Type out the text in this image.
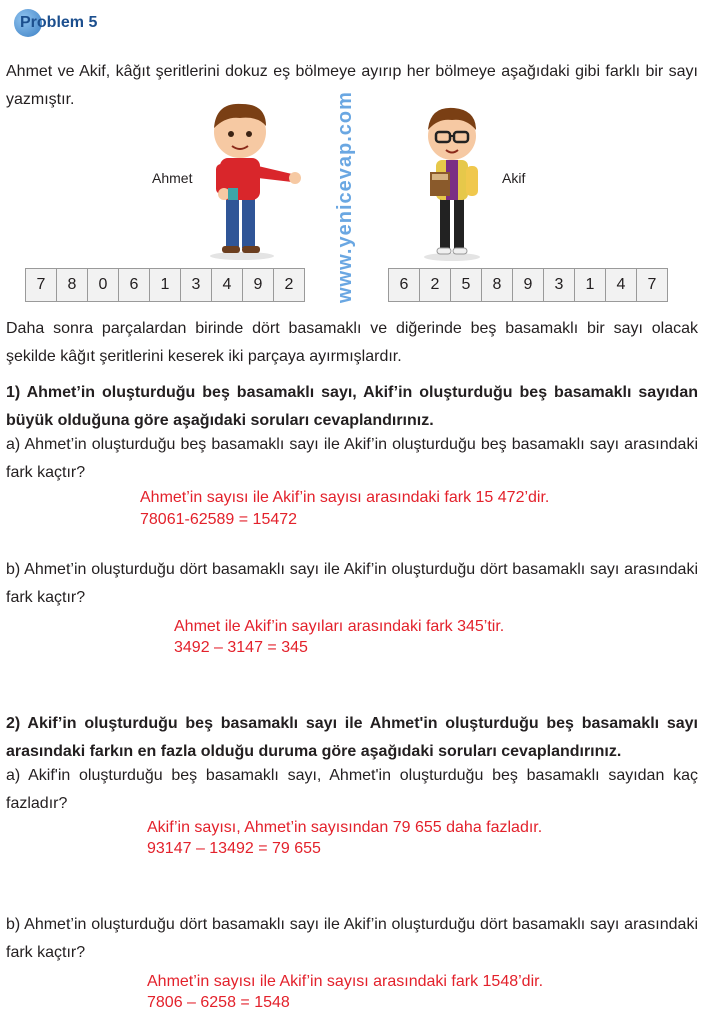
Problem 5
Ahmet ve Akif, kâğıt şeritlerini dokuz eş bölmeye ayırıp her bölmeye aşağıdaki gibi farklı bir sayı yazmıştır.
Ahmet	www.yenicevap.com	Akif
7	8	0	6	1	3	4	9	2	6	2	5	8	9	3	1	4	7
Daha sonra parçalardan birinde dört basamaklı ve diğerinde beş basamaklı bir sayı olacak şekilde kâğıt şeritlerini keserek iki parçaya ayırmışlardır.
1) Ahmet’in oluşturduğu beş basamaklı sayı, Akif’in oluşturduğu beş basamaklı sayıdan büyük olduğuna göre aşağıdaki soruları cevaplandırınız.
a) Ahmet’in oluşturduğu beş basamaklı sayı ile Akif’in oluşturduğu beş basamaklı sayı arasındaki fark kaçtır?
Ahmet’in sayısı ile Akif’in sayısı arasındaki fark 15 472’dir.
78061-62589 = 15472
b) Ahmet’in oluşturduğu dört basamaklı sayı ile Akif’in oluşturduğu dört basamaklı sayı arasındaki fark kaçtır?
Ahmet ile Akif’in sayıları arasındaki fark 345’tir.
3492 – 3147 = 345
2) Akif’in oluşturduğu beş basamaklı sayı ile Ahmet'in oluşturduğu beş basamaklı sayı arasındaki farkın en fazla olduğu duruma göre aşağıdaki soruları cevaplandırınız.
a) Akif'in oluşturduğu beş basamaklı sayı, Ahmet'in oluşturduğu beş basamaklı sayıdan kaç fazladır?
Akif’in sayısı, Ahmet’in sayısından 79 655 daha fazladır.
93147 – 13492 = 79 655
b) Ahmet’in oluşturduğu dört basamaklı sayı ile Akif’in oluşturduğu dört basamaklı sayı arasındaki fark kaçtır?
Ahmet’in sayısı ile Akif’in sayısı arasındaki fark 1548’dir.
7806 – 6258 = 1548
